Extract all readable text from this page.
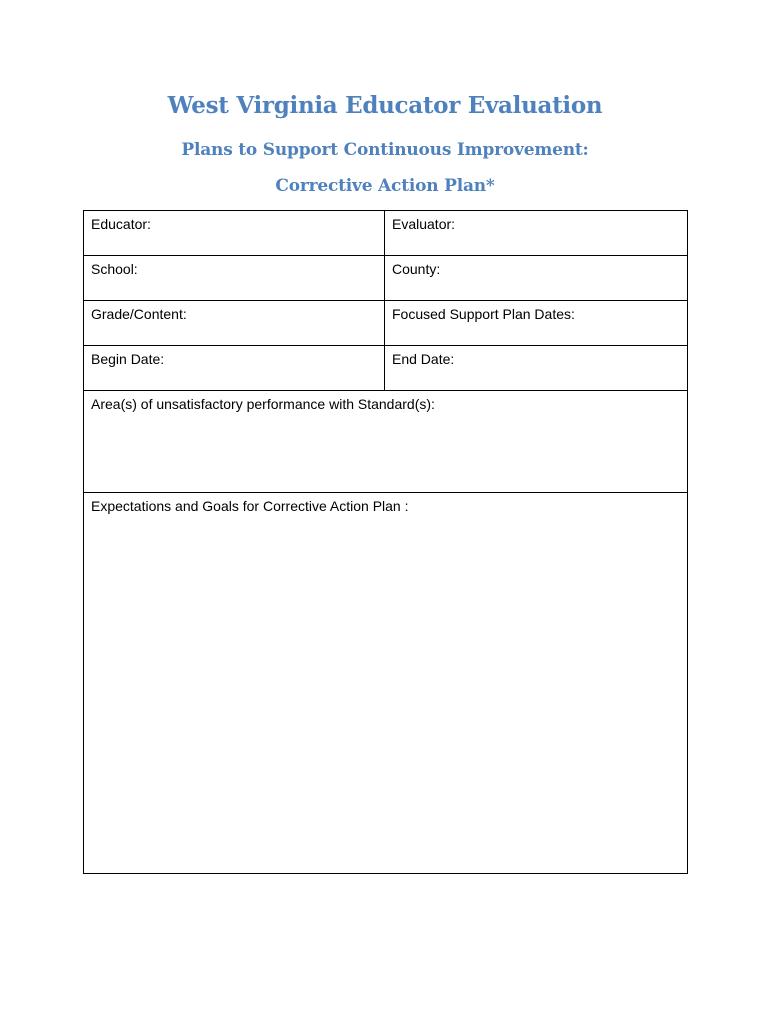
West Virginia Educator Evaluation
Plans to Support Continuous Improvement:
Corrective Action Plan*
Educator:	Evaluator:
School:	County:
Grade/Content:	Focused Support Plan Dates:
Begin Date:	End Date:
Area(s) of unsatisfactory performance with Standard(s):	
Expectations and Goals for Corrective Action Plan :	
